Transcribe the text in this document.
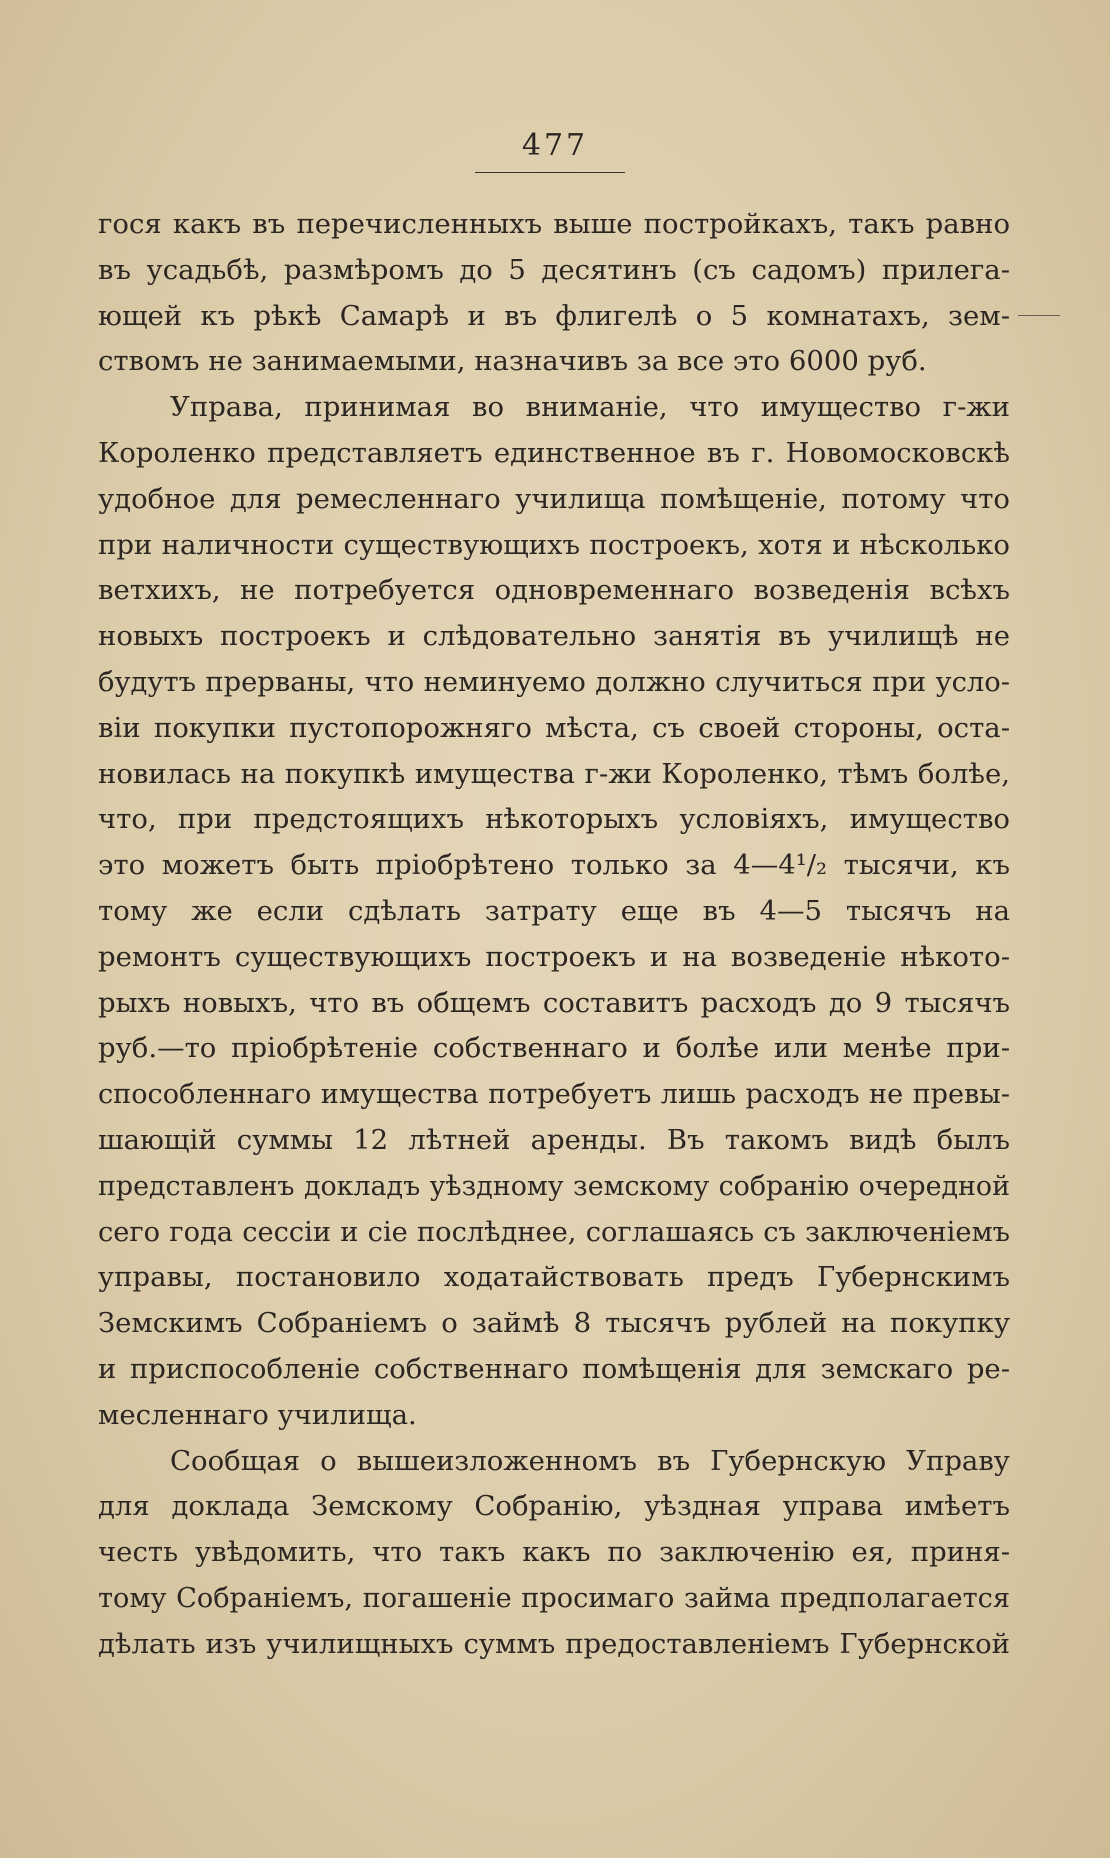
477
гося какъ въ перечисленныхъ выше постройкахъ, такъ равно
въ усадьбѣ, размѣромъ до 5 десятинъ (съ садомъ) прилега-
ющей къ рѣкѣ Самарѣ и въ флигелѣ о 5 комнатахъ, зем-
ствомъ не занимаемыми, назначивъ за все это 6000 руб.
Управа, принимая во вниманіе, что имущество г-жи
Короленко представляетъ единственное въ г. Новомосковскѣ
удобное для ремесленнаго училища помѣщеніе, потому что
при наличности существующихъ построекъ, хотя и нѣсколько
ветхихъ, не потребуется одновременнаго возведенія всѣхъ
новыхъ построекъ и слѣдовательно занятія въ училищѣ не
будутъ прерваны, что неминуемо должно случиться при усло-
віи покупки пустопорожняго мѣста, съ своей стороны, оста-
новилась на покупкѣ имущества г-жи Короленко, тѣмъ болѣе,
что, при предстоящихъ нѣкоторыхъ условіяхъ, имущество
это можетъ быть пріобрѣтено только за 4—4¹/₂ тысячи, къ
тому же если сдѣлать затрату еще въ 4—5 тысячъ на
ремонтъ существующихъ построекъ и на возведеніе нѣкото-
рыхъ новыхъ, что въ общемъ составитъ расходъ до 9 тысячъ
руб.—то пріобрѣтеніе собственнаго и болѣе или менѣе при-
способленнаго имущества потребуетъ лишь расходъ не превы-
шающій суммы 12 лѣтней аренды. Въ такомъ видѣ былъ
представленъ докладъ уѣздному земскому собранію очередной
сего года сессіи и сіе послѣднее, соглашаясь съ заключеніемъ
управы, постановило ходатайствовать предъ Губернскимъ
Земскимъ Собраніемъ о займѣ 8 тысячъ рублей на покупку
и приспособленіе собственнаго помѣщенія для земскаго ре-
месленнаго училища.
Сообщая о вышеизложенномъ въ Губернскую Управу
для доклада Земскому Собранію, уѣздная управа имѣетъ
честь увѣдомить, что такъ какъ по заключенію ея, приня-
тому Собраніемъ, погашеніе просимаго займа предполагается
дѣлать изъ училищныхъ суммъ предоставленіемъ Губернской
